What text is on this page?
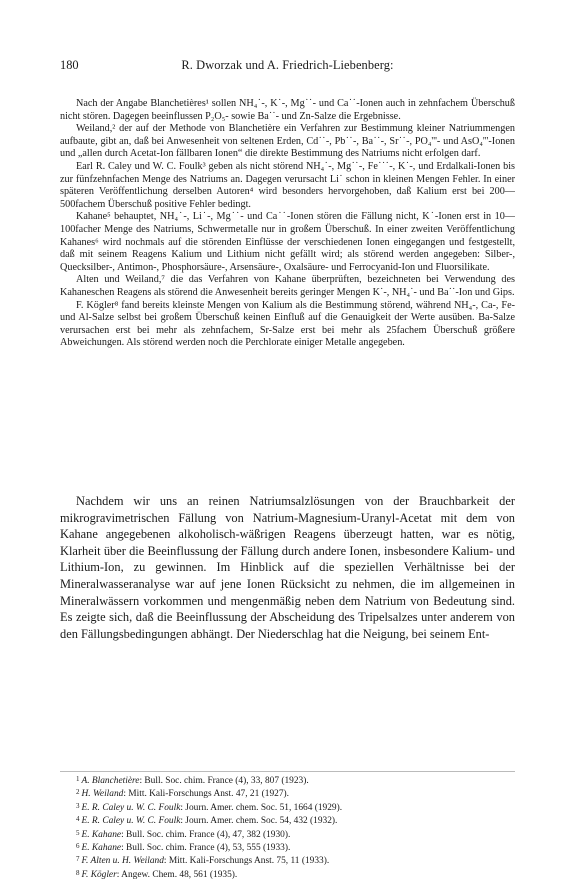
180	R. Dworzak und A. Friedrich-Liebenberg:

Nach der Angabe Blanchetières¹ sollen NH₄˙-, K˙-, Mg˙˙- und Ca˙˙-Ionen auch in zehnfachem Überschuß nicht stören. Dagegen beeinflussen P₂O₅- sowie Ba˙˙- und Zn-Salze die Ergebnisse.

Weiland,² der auf der Methode von Blanchetière ein Verfahren zur Bestimmung kleiner Natriummengen aufbaute, gibt an, daß bei Anwesenheit von seltenen Erden, Cd˙˙-, Pb˙˙-, Ba˙˙-, Sr˙˙-, PO₄'''- und AsO₄'''-Ionen und „allen durch Acetat-Ion fällbaren Ionen“ die direkte Bestimmung des Natriums nicht erfolgen darf.

Earl R. Caley und W. C. Foulk³ geben als nicht störend NH₄˙-, Mg˙˙-, Fe˙˙˙-, K˙-, und Erdalkali-Ionen bis zur fünfzehnfachen Menge des Natriums an. Dagegen verursacht Li˙ schon in kleinen Mengen Fehler. In einer späteren Veröffentlichung derselben Autoren⁴ wird besonders hervorgehoben, daß Kalium erst bei 200—500fachem Überschuß positive Fehler bedingt.

Kahane⁵ behauptet, NH₄˙-, Li˙-, Mg˙˙- und Ca˙˙-Ionen stören die Fällung nicht, K˙-Ionen erst in 10—100facher Menge des Natriums, Schwermetalle nur in großem Überschuß. In einer zweiten Veröffentlichung Kahanes⁶ wird nochmals auf die störenden Einflüsse der verschiedenen Ionen eingegangen und festgestellt, daß mit seinem Reagens Kalium und Lithium nicht gefällt wird; als störend werden angegeben: Silber-, Quecksilber-, Antimon-, Phosphorsäure-, Arsensäure-, Oxalsäure- und Ferrocyanid-Ion und Fluorsilikate.

Alten und Weiland,⁷ die das Verfahren von Kahane überprüften, bezeichneten bei Verwendung des Kahaneschen Reagens als störend die Anwesenheit bereits geringer Mengen K˙-, NH₄˙- und Ba˙˙-Ion und Gips.

F. Kögler⁸ fand bereits kleinste Mengen von Kalium als die Bestimmung störend, während NH₄-, Ca-, Fe- und Al-Salze selbst bei großem Überschuß keinen Einfluß auf die Genauigkeit der Werte ausüben. Ba-Salze verursachen erst bei mehr als zehnfachem, Sr-Salze erst bei mehr als 25fachem Überschuß größere Abweichungen. Als störend werden noch die Perchlorate einiger Metalle angegeben.

Nachdem wir uns an reinen Natriumsalzlösungen von der Brauchbarkeit der mikrogravimetrischen Fällung von Natrium-Magnesium-Uranyl-Acetat mit dem von Kahane angegebenen alkoholisch-wäßrigen Reagens überzeugt hatten, war es nötig, Klarheit über die Beeinflussung der Fällung durch andere Ionen, insbesondere Kalium- und Lithium-Ion, zu gewinnen. Im Hinblick auf die speziellen Verhältnisse bei der Mineralwasseranalyse war auf jene Ionen Rücksicht zu nehmen, die im allgemeinen in Mineralwässern vorkommen und mengenmäßig neben dem Natrium von Bedeutung sind. Es zeigte sich, daß die Beeinflussung der Abscheidung des Tripelsalzes unter anderem von den Fällungsbedingungen abhängt. Der Niederschlag hat die Neigung, bei seinem Ent-

$^1$ A. Blanchetière: Bull. Soc. chim. France (4), 33, 807 (1923).
$^2$ H. Weiland: Mitt. Kali-Forschungs Anst. 47, 21 (1927).
$^3$ E. R. Caley u. W. C. Foulk: Journ. Amer. chem. Soc. 51, 1664 (1929).
$^4$ E. R. Caley u. W. C. Foulk: Journ. Amer. chem. Soc. 54, 432 (1932).
$^5$ E. Kahane: Bull. Soc. chim. France (4), 47, 382 (1930).
$^6$ E. Kahane: Bull. Soc. chim. France (4), 53, 555 (1933).
$^7$ F. Alten u. H. Weiland: Mitt. Kali-Forschungs Anst. 75, 11 (1933).
$^8$ F. Kögler: Angew. Chem. 48, 561 (1935).
